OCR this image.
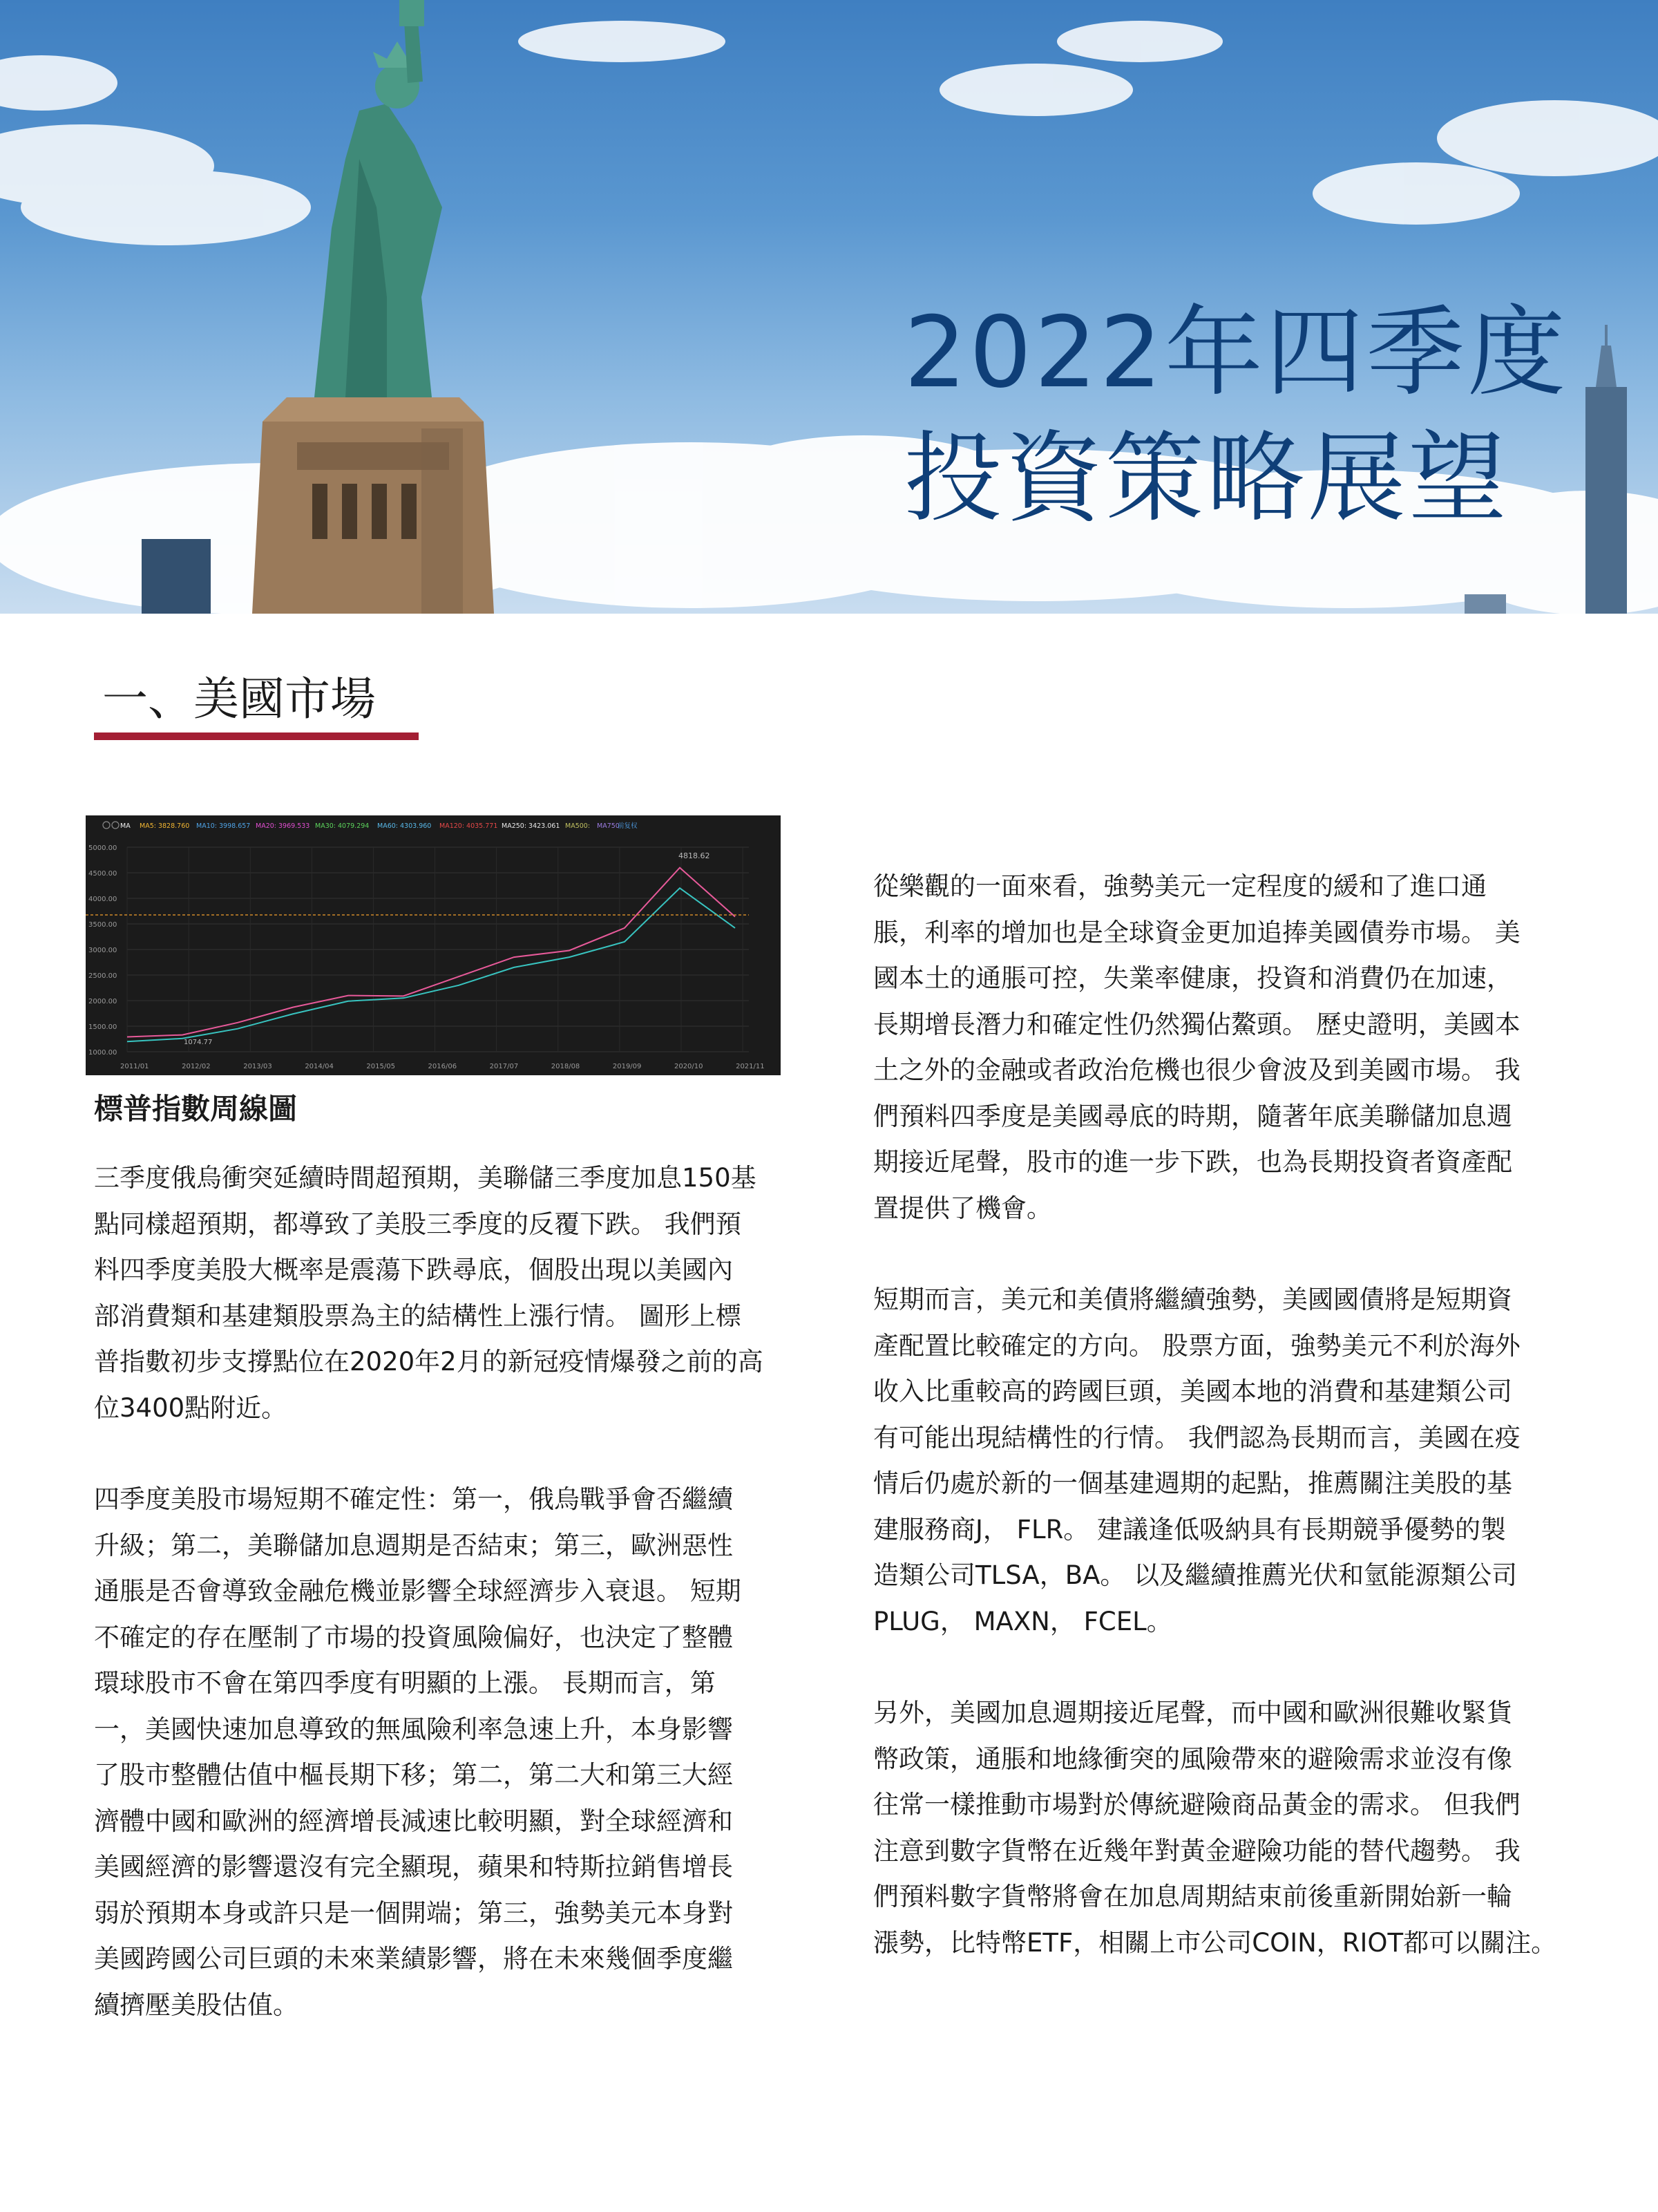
2022年四季度
投資策略展望
一、美國市場
MA MA5: 3828.760 MA10: 3998.657 MA20: 3969.533 MA30: 4079.294 MA60: 4303.960 MA120: 4035.771 MA250: 3423.061 MA500: MA750
前复权
1000.00
1500.00
2000.00
2500.00
3000.00
3500.00
4000.00
4500.00
5000.00
2011/01	2012/02	2013/03	2014/04	2015/05	2016/06	2017/07	2018/08	2019/09	2020/10	2021/11
4818.62
1074.77
標普指數周線圖

三季度俄烏衝突延續時間超預期，美聯儲三季度加息150基

點同樣超預期，都導致了美股三季度的反覆下跌。 我們預

料四季度美股大概率是震蕩下跌尋底，個股出現以美國內

部消費類和基建類股票為主的結構性上漲行情。 圖形上標

普指數初步支撐點位在2020年2月的新冠疫情爆發之前的高

位3400點附近。

四季度美股市場短期不確定性：第一，俄烏戰爭會否繼續

升級；第二，美聯儲加息週期是否結束；第三，歐洲惡性

通脹是否會導致金融危機並影響全球經濟步入衰退。 短期

不確定的存在壓制了市場的投資風險偏好，也決定了整體

環球股市不會在第四季度有明顯的上漲。 長期而言，第

一，美國快速加息導致的無風險利率急速上升，本身影響

了股市整體估值中樞長期下移；第二，第二大和第三大經

濟體中國和歐洲的經濟增長減速比較明顯，對全球經濟和

美國經濟的影響還沒有完全顯現，蘋果和特斯拉銷售增長

弱於預期本身或許只是一個開端；第三，強勢美元本身對

美國跨國公司巨頭的未來業績影響，將在未來幾個季度繼

續擠壓美股估值。

從樂觀的一面來看，強勢美元一定程度的緩和了進口通

脹，利率的增加也是全球資金更加追捧美國債券市場。 美

國本土的通脹可控，失業率健康，投資和消費仍在加速，

長期增長潛力和確定性仍然獨佔鰲頭。 歷史證明，美國本

土之外的金融或者政治危機也很少會波及到美國市場。 我

們預料四季度是美國尋底的時期，隨著年底美聯儲加息週

期接近尾聲，股市的進一步下跌，也為長期投資者資產配

置提供了機會。

短期而言，美元和美債將繼續強勢，美國國債將是短期資

產配置比較確定的方向。 股票方面，強勢美元不利於海外

收入比重較高的跨國巨頭，美國本地的消費和基建類公司

有可能出現結構性的行情。 我們認為長期而言，美國在疫

情后仍處於新的一個基建週期的起點，推薦關注美股的基

建服務商J， FLR。 建議逢低吸納具有長期競爭優勢的製

造類公司TLSA，BA。 以及繼續推薦光伏和氫能源類公司

PLUG， MAXN， FCEL。

另外，美國加息週期接近尾聲，而中國和歐洲很難收緊貨

幣政策，通脹和地緣衝突的風險帶來的避險需求並沒有像

往常一樣推動市場對於傳統避險商品黃金的需求。 但我們

注意到數字貨幣在近幾年對黃金避險功能的替代趨勢。 我

們預料數字貨幣將會在加息周期結束前後重新開始新一輪

漲勢，比特幣ETF，相關上市公司COIN，RIOT都可以關注。
